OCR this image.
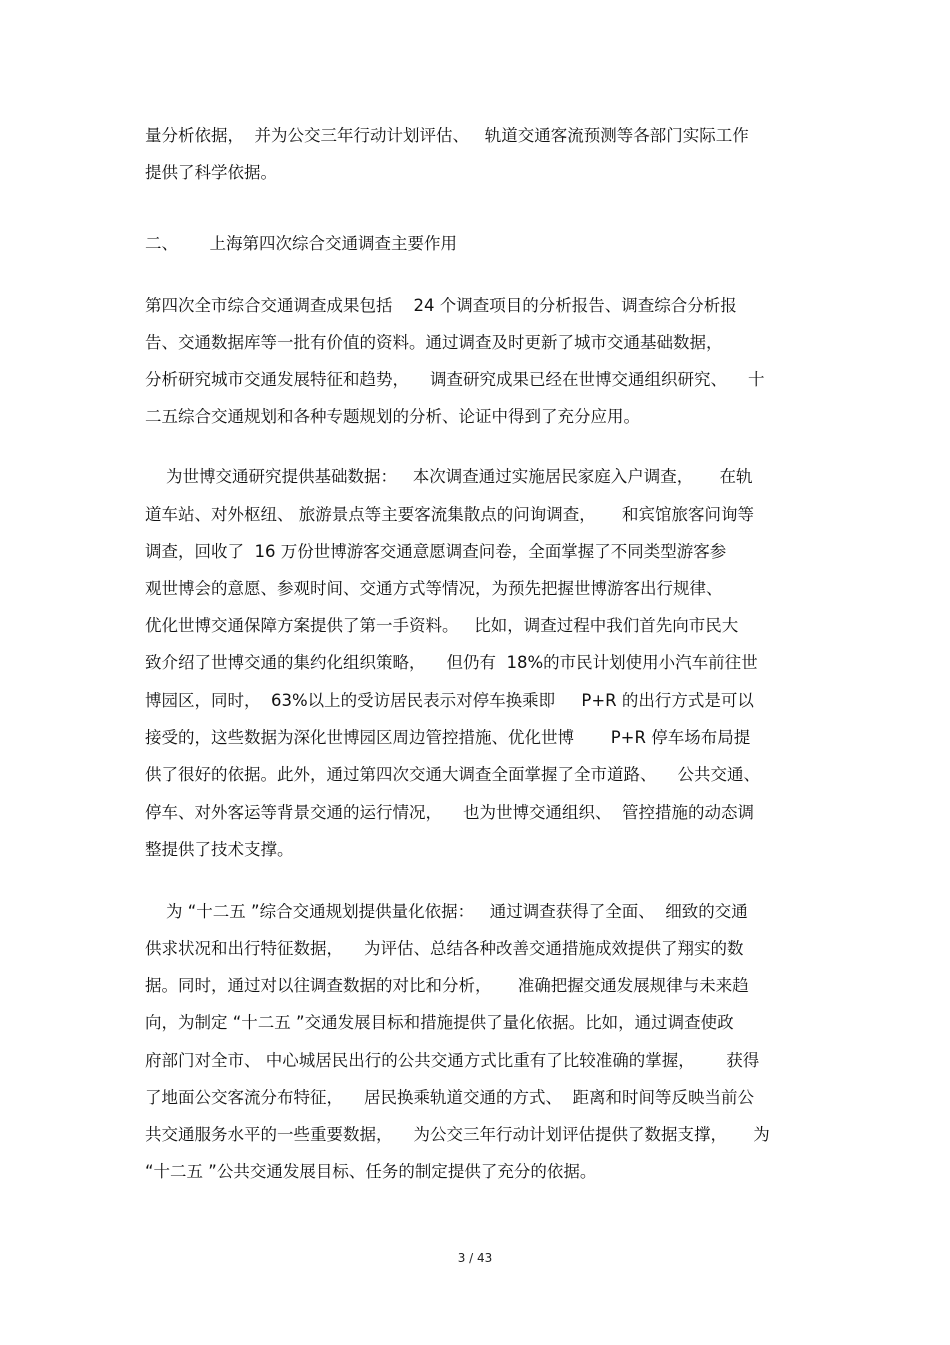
量分析依据，  并为公交三年行动计划评估、   轨道交通客流预测等各部门实际工作
提供了科学依据。
二、      上海第四次综合交通调查主要作用
第四次全市综合交通调查成果包括    24 个调查项目的分析报告、调查综合分析报
告、交通数据库等一批有价值的资料。通过调查及时更新了城市交通基础数据，
分析研究城市交通发展特征和趋势，    调查研究成果已经在世博交通组织研究、    十
二五综合交通规划和各种专题规划的分析、论证中得到了充分应用。
为世博交通研究提供基础数据：   本次调查通过实施居民家庭入户调查，     在轨
道车站、对外枢纽、 旅游景点等主要客流集散点的问询调查，     和宾馆旅客问询等
调查，回收了  16 万份世博游客交通意愿调查问卷，全面掌握了不同类型游客参
观世博会的意愿、参观时间、交通方式等情况，为预先把握世博游客出行规律、
优化世博交通保障方案提供了第一手资料。   比如，调查过程中我们首先向市民大
致介绍了世博交通的集约化组织策略，    但仍有  18%的市民计划使用小汽车前往世
博园区，同时，  63%以上的受访居民表示对停车换乘即     P+R 的出行方式是可以
接受的，这些数据为深化世博园区周边管控措施、优化世博       P+R 停车场布局提
供了很好的依据。此外，通过第四次交通大调查全面掌握了全市道路、    公共交通、
停车、对外客运等背景交通的运行情况，    也为世博交通组织、  管控措施的动态调
整提供了技术支撑。
为 “十二五 ”综合交通规划提供量化依据：   通过调查获得了全面、  细致的交通
供求状况和出行特征数据，    为评估、总结各种改善交通措施成效提供了翔实的数
据。同时，通过对以往调查数据的对比和分析，     准确把握交通发展规律与未来趋
向，为制定 “十二五 ”交通发展目标和措施提供了量化依据。比如，通过调查使政
府部门对全市、 中心城居民出行的公共交通方式比重有了比较准确的掌握，      获得
了地面公交客流分布特征，    居民换乘轨道交通的方式、  距离和时间等反映当前公
共交通服务水平的一些重要数据，    为公交三年行动计划评估提供了数据支撑，     为
“十二五 ”公共交通发展目标、任务的制定提供了充分的依据。
3 / 43
